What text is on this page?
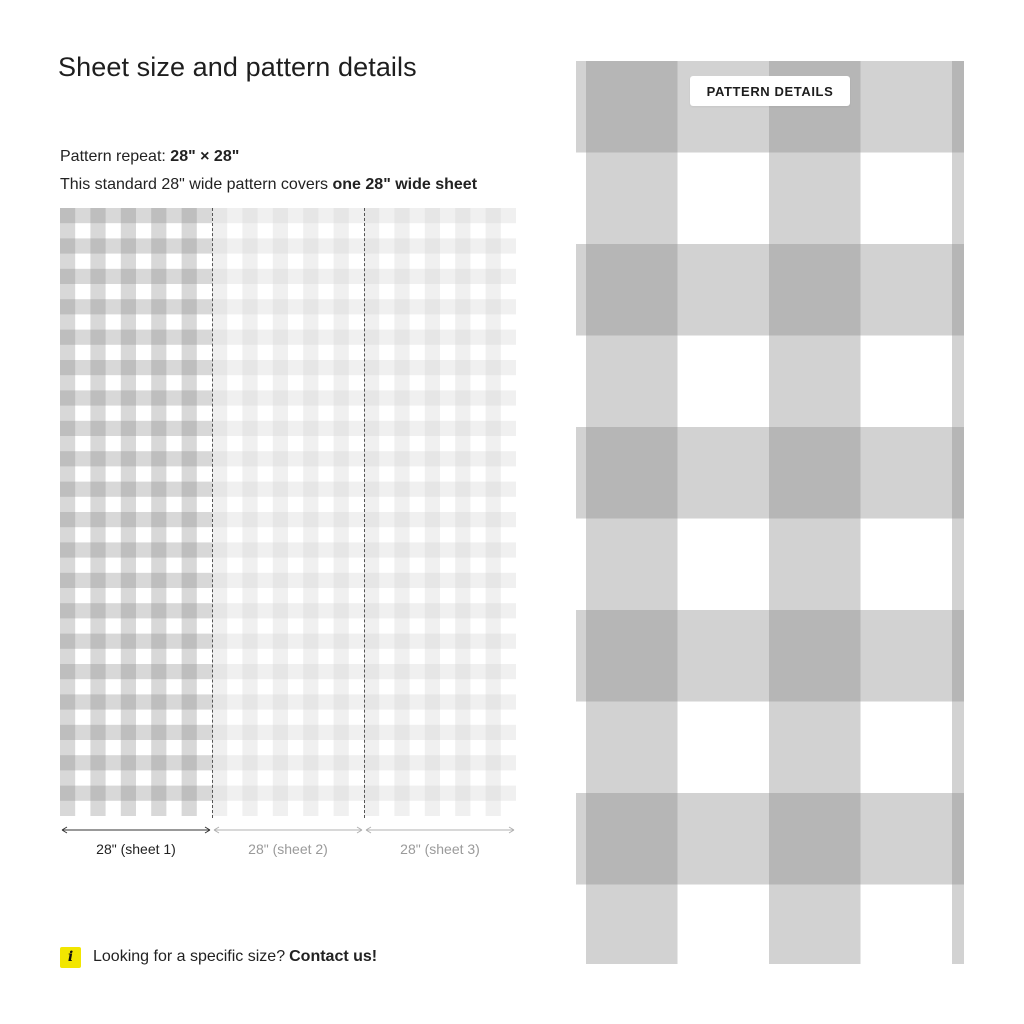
Sheet size and pattern details
Pattern repeat: 28" × 28"
This standard 28" wide pattern covers one 28" wide sheet
28" (sheet 1)	28" (sheet 2)	28" (sheet 3)
i	Looking for a specific size? Contact us!
PATTERN DETAILS
